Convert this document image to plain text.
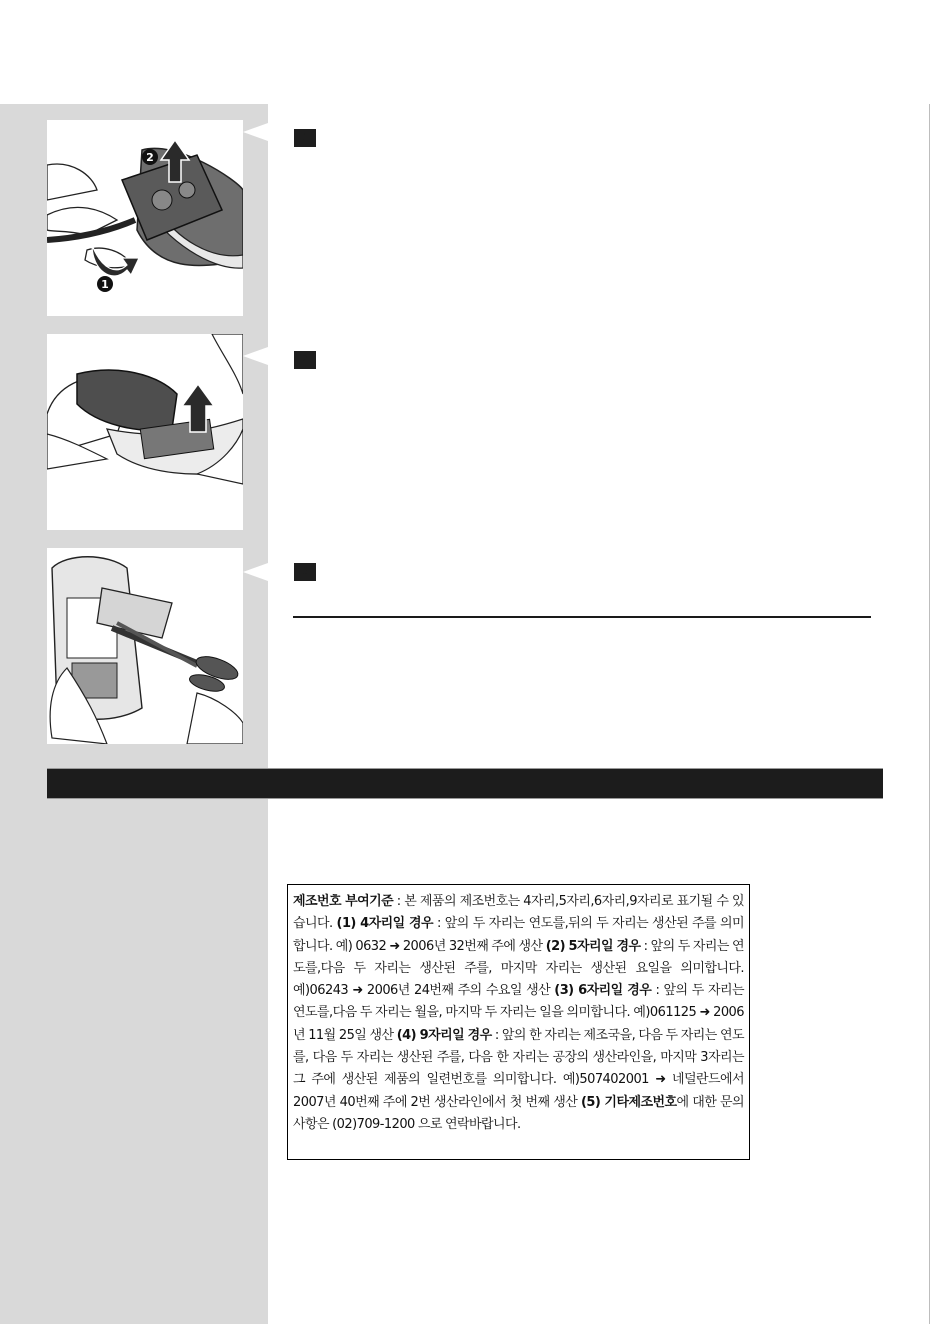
2
1
1
2
3
제조번호 부여기준 : 본 제품의 제조번호는 4자리,5자리,6자리,9자리로 표기될 수 있습니다. (1) 4자리일 경우 : 앞의 두 자리는 연도를,뒤의 두 자리는 생산된 주를 의미합니다. 예) 0632 ➜ 2006년 32번째 주에 생산 (2) 5자리일 경우 : 앞의 두 자리는 연도를,다음 두 자리는 생산된 주를, 마지막 자리는 생산된 요일을 의미합니다.예)06243 ➜ 2006년 24번째 주의 수요일 생산 (3) 6자리일 경우 : 앞의 두 자리는 연도를,다음 두 자리는 월을, 마지막 두 자리는 일을 의미합니다. 예)061125 ➜ 2006년 11월 25일 생산 (4) 9자리일 경우 : 앞의 한 자리는 제조국을, 다음 두 자리는 연도를, 다음 두 자리는 생산된 주를, 다음 한 자리는 공장의 생산라인을, 마지막 3자리는 그 주에 생산된 제품의 일련번호를 의미합니다. 예)507402001 ➜ 네덜란드에서 2007년 40번째 주에 2번 생산라인에서 첫 번째 생산 (5) 기타제조번호에 대한 문의사항은 (02)709-1200 으로 연락바랍니다.
